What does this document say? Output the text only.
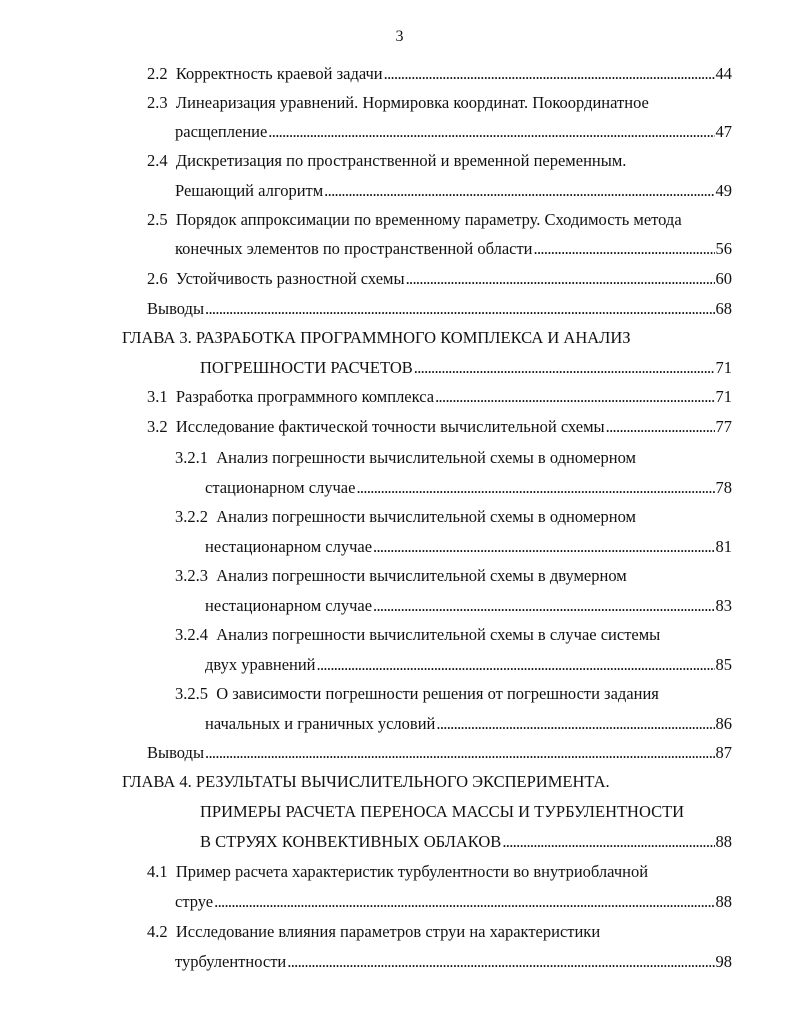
3
2.2
Корректность краевой задачи . . .	44
2.3 Линеаризация уравнений. Нормировка координат. Покоординатное
расщепление . . .	47
2.4 Дискретизация по пространственной и временной переменным.
Решающий алгоритм . . .	49
2.5 Порядок аппроксимации по временному параметру. Сходимость метода
конечных элементов по пространственной области . . .	56
2.6
Устойчивость разностной схемы . . .	60
Выводы . . .	68
ГЛАВА 3. РАЗРАБОТКА ПРОГРАММНОГО КОМПЛЕКСА И АНАЛИЗ
ПОГРЕШНОСТИ РАСЧЕТОВ . . .	71
3.1
Разработка программного комплекса . . .	71
3.2
Исследование фактической точности вычислительной схемы . . .	77
3.2.1 Анализ погрешности вычислительной схемы в одномерном
стационарном случае . . .	78
3.2.2 Анализ погрешности вычислительной схемы в одномерном
нестационарном случае . . .	81
3.2.3 Анализ погрешности вычислительной схемы в двумерном
нестационарном случае . . .	83
3.2.4 Анализ погрешности вычислительной схемы в случае системы
двух уравнений . . .	85
3.2.5 О зависимости погрешности решения от погрешности задания
начальных и граничных условий . . .	86
Выводы . . .	87
ГЛАВА 4. РЕЗУЛЬТАТЫ ВЫЧИСЛИТЕЛЬНОГО ЭКСПЕРИМЕНТА.
ПРИМЕРЫ РАСЧЕТА ПЕРЕНОСА МАССЫ И ТУРБУЛЕНТНОСТИ
В СТРУЯХ КОНВЕКТИВНЫХ ОБЛАКОВ . . .	88
4.1 Пример расчета характеристик турбулентности во внутриоблачной
струе . . .	88
4.2 Исследование влияния параметров струи на характеристики
турбулентности . . .	98
